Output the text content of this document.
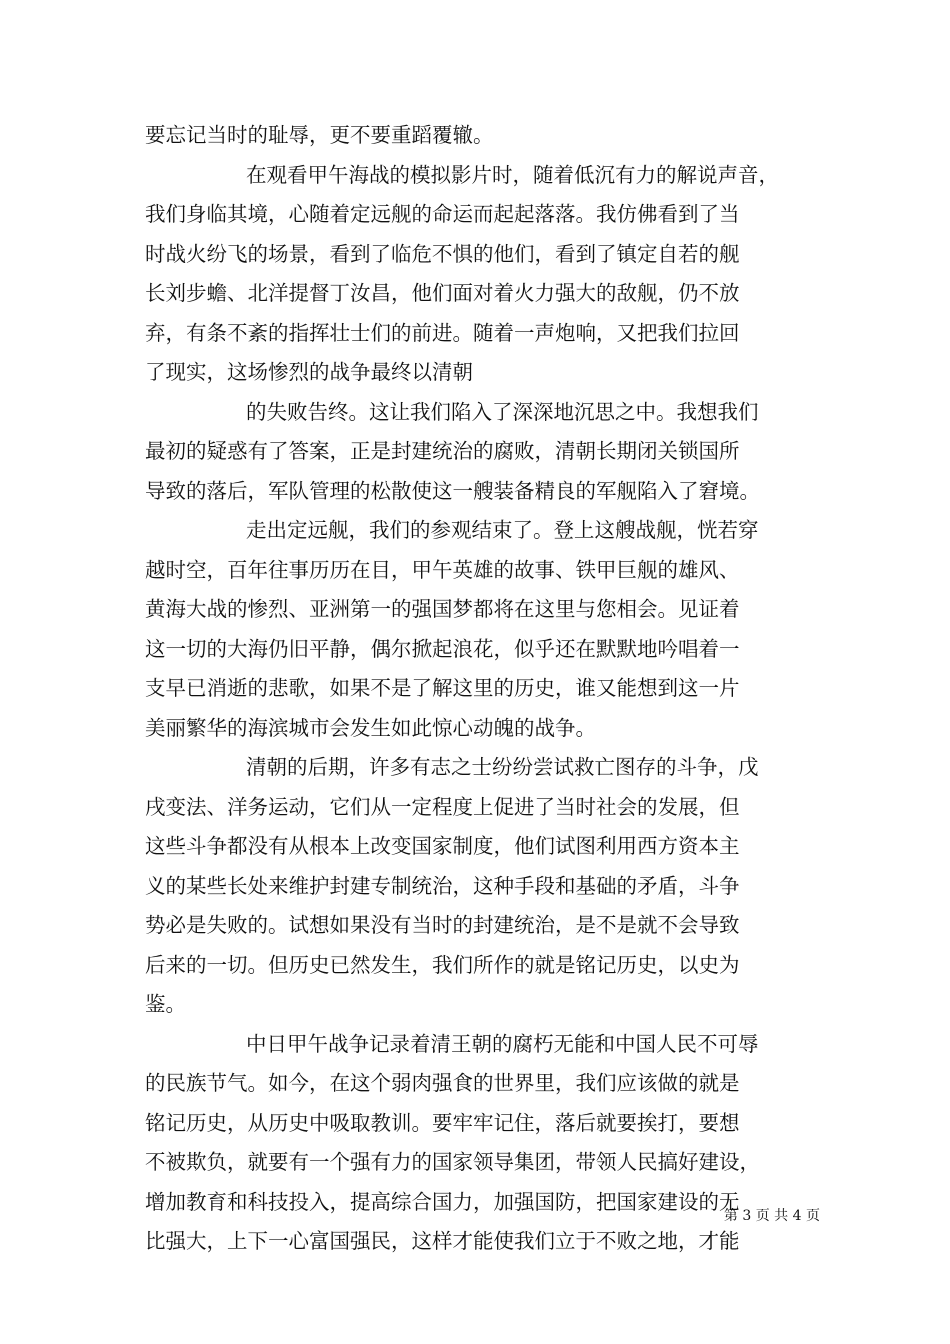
要忘记当时的耻辱，更不要重蹈覆辙。
在观看甲午海战的模拟影片时，随着低沉有力的解说声音，
我们身临其境，心随着定远舰的命运而起起落落。我仿佛看到了当
时战火纷飞的场景，看到了临危不惧的他们，看到了镇定自若的舰
长刘步蟾、北洋提督丁汝昌，他们面对着火力强大的敌舰，仍不放
弃，有条不紊的指挥壮士们的前进。随着一声炮响，又把我们拉回
了现实，这场惨烈的战争最终以清朝
的失败告终。这让我们陷入了深深地沉思之中。我想我们
最初的疑惑有了答案，正是封建统治的腐败，清朝长期闭关锁国所
导致的落后，军队管理的松散使这一艘装备精良的军舰陷入了窘境。
走出定远舰，我们的参观结束了。登上这艘战舰，恍若穿
越时空，百年往事历历在目，甲午英雄的故事、铁甲巨舰的雄风、
黄海大战的惨烈、亚洲第一的强国梦都将在这里与您相会。见证着
这一切的大海仍旧平静，偶尔掀起浪花，似乎还在默默地吟唱着一
支早已消逝的悲歌，如果不是了解这里的历史，谁又能想到这一片
美丽繁华的海滨城市会发生如此惊心动魄的战争。
清朝的后期，许多有志之士纷纷尝试救亡图存的斗争，戊
戌变法、洋务运动，它们从一定程度上促进了当时社会的发展，但
这些斗争都没有从根本上改变国家制度，他们试图利用西方资本主
义的某些长处来维护封建专制统治，这种手段和基础的矛盾，斗争
势必是失败的。试想如果没有当时的封建统治，是不是就不会导致
后来的一切。但历史已然发生，我们所作的就是铭记历史，以史为
鉴。
中日甲午战争记录着清王朝的腐朽无能和中国人民不可辱
的民族节气。如今，在这个弱肉强食的世界里，我们应该做的就是
铭记历史，从历史中吸取教训。要牢牢记住，落后就要挨打，要想
不被欺负，就要有一个强有力的国家领导集团，带领人民搞好建设，
增加教育和科技投入，提高综合国力，加强国防，把国家建设的无
比强大，上下一心富国强民，这样才能使我们立于不败之地，才能
第 3 页 共 4 页
